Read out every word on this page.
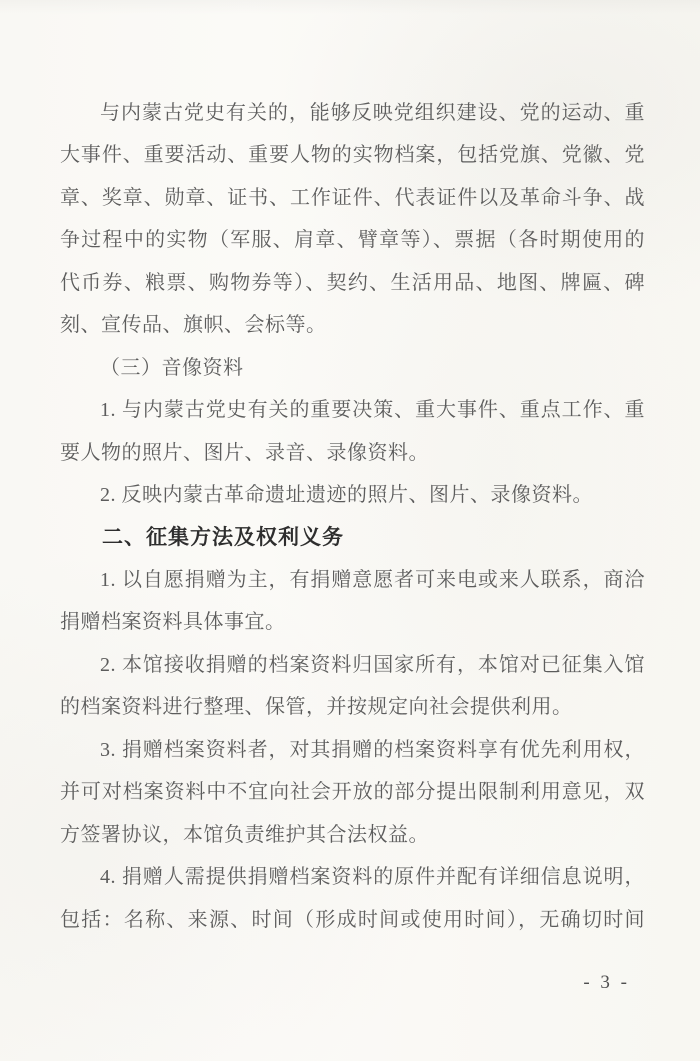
与内蒙古党史有关的，能够反映党组织建设、党的运动、重

大事件、重要活动、重要人物的实物档案，包括党旗、党徽、党

章、奖章、勋章、证书、工作证件、代表证件以及革命斗争、战

争过程中的实物（军服、肩章、臂章等）、票据（各时期使用的

代币券、粮票、购物券等）、契约、生活用品、地图、牌匾、碑

刻、宣传品、旗帜、会标等。

（三）音像资料

1. 与内蒙古党史有关的重要决策、重大事件、重点工作、重

要人物的照片、图片、录音、录像资料。

2. 反映内蒙古革命遗址遗迹的照片、图片、录像资料。

二、征集方法及权利义务

1. 以自愿捐赠为主，有捐赠意愿者可来电或来人联系，商洽

捐赠档案资料具体事宜。

2. 本馆接收捐赠的档案资料归国家所有，本馆对已征集入馆

的档案资料进行整理、保管，并按规定向社会提供利用。

3. 捐赠档案资料者，对其捐赠的档案资料享有优先利用权，

并可对档案资料中不宜向社会开放的部分提出限制利用意见，双

方签署协议，本馆负责维护其合法权益。

4. 捐赠人需提供捐赠档案资料的原件并配有详细信息说明，

包括：名称、来源、时间（形成时间或使用时间），无确切时间

- 3 -
